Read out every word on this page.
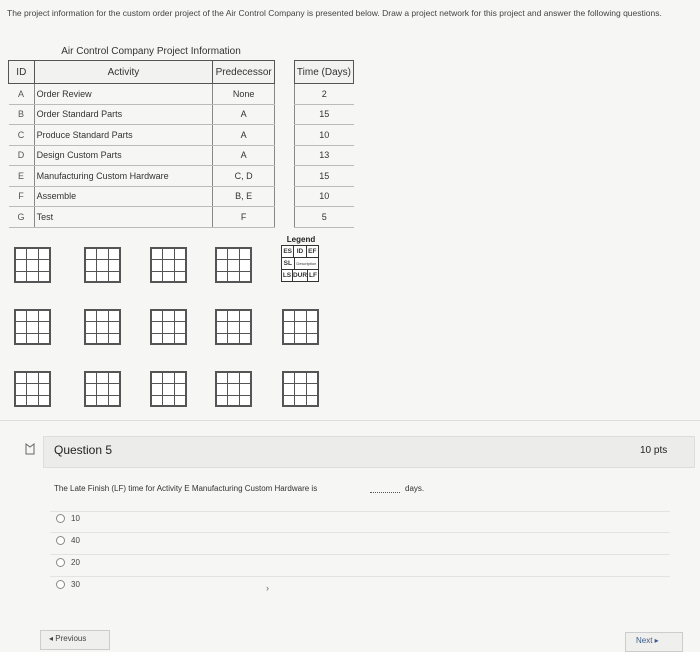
The project information for the custom order project of the Air Control Company is presented below. Draw a project network for this project and answer the following questions.
Air Control Company Project Information
ID	Activity	Predecessor		Time (Days)
A	Order Review	None		2
B	Order Standard Parts	A		15
C	Produce Standard Parts	A		10
D	Design Custom Parts	A		13
E	Manufacturing Custom Hardware	C, D		15
F	Assemble	B, E		10
G	Test	F		5
Legend
ES ID EF
SL	Description
LS DUR LF
Question 5	10 pts
The Late Finish (LF) time for Activity E Manufacturing Custom Hardware is	days.
10
40
20
30	›
◂ Previous	Next ▸
